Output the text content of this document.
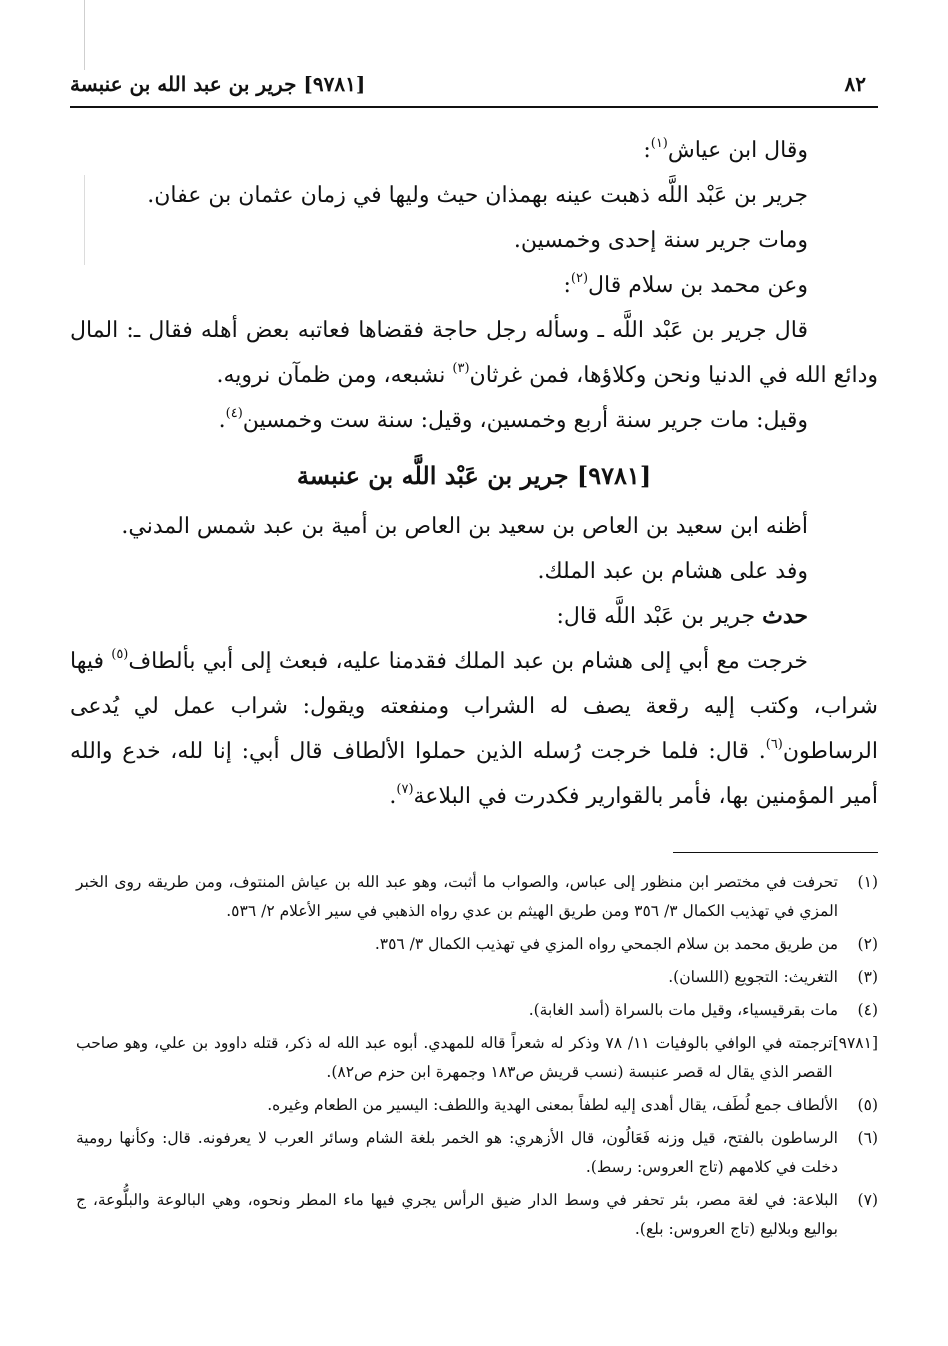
٨٢
[٩٧٨١] جرير بن عبد الله بن عنبسة

وقال ابن عياش$^{(١)}$:

جرير بن عَبْد اللَّه ذهبت عينه بهمذان حيث وليها في زمان عثمان بن عفان.

ومات جرير سنة إحدى وخمسين.

وعن محمد بن سلام قال$^{(٢)}$:

قال جرير بن عَبْد اللَّه ـ وسأله رجل حاجة فقضاها فعاتبه بعض أهله فقال ـ: المال ودائع الله في الدنيا ونحن وكلاؤها، فمن غرثان$^{(٣)}$ نشبعه، ومن ظمآن نرويه.

وقيل: مات جرير سنة أربع وخمسين، وقيل: سنة ست وخمسين$^{(٤)}$.

[٩٧٨١] جرير بن عَبْد اللَّه بن عنبسة

أظنه ابن سعيد بن العاص بن سعيد بن العاص بن أمية بن عبد شمس المدني.

وفد على هشام بن عبد الملك.

حدث جرير بن عَبْد اللَّه قال:

خرجت مع أبي إلى هشام بن عبد الملك فقدمنا عليه، فبعث إلى أبي بألطاف$^{(٥)}$ فيها شراب، وكتب إليه رقعة يصف له الشراب ومنفعته ويقول: شراب عمل لي يُدعى الرساطون$^{(٦)}$. قال: فلما خرجت رُسله الذين حملوا الألطاف قال أبي: إنا لله، خدع والله أمير المؤمنين بها، فأمر بالقوارير فكدرت في البلاعة$^{(٧)}$.

(١)
تحرفت في مختصر ابن منظور إلى عباس، والصواب ما أثبت، وهو عبد الله بن عياش المنتوف، ومن طريقه روى الخبر المزي في تهذيب الكمال ٣/ ٣٥٦ ومن طريق الهيثم بن عدي رواه الذهبي في سير الأعلام ٢/ ٥٣٦.
(٢)
من طريق محمد بن سلام الجمحي رواه المزي في تهذيب الكمال ٣/ ٣٥٦.
(٣)
التغريث: التجويع (اللسان).
(٤)
مات بقرقيسياء، وقيل مات بالسراة (أسد الغابة).
[٩٧٨١]
ترجمته في الوافي بالوفيات ١١/ ٧٨ وذكر له شعراً قاله للمهدي. أبوه عبد الله له ذكر، قتله داوود بن علي، وهو صاحب القصر الذي يقال له قصر عنبسة (نسب قريش ص١٨٣ وجمهرة ابن حزم ص٨٢).
(٥)
الألطاف جمع لُطَف، يقال أهدى إليه لطفاً بمعنى الهدية واللطف: اليسير من الطعام وغيره.
(٦)
الرساطون بالفتح، قيل وزنه فَعَالُون، قال الأزهري: هو الخمر بلغة الشام وسائر العرب لا يعرفونه. قال: وكأنها رومية دخلت في كلامهم (تاج العروس: رسط).
(٧)
البلاعة: في لغة مصر، بئر تحفر في وسط الدار ضيق الرأس يجري فيها ماء المطر ونحوه، وهي البالوعة والبلُّوعة، ج بواليع وبلاليع (تاج العروس: بلع).
